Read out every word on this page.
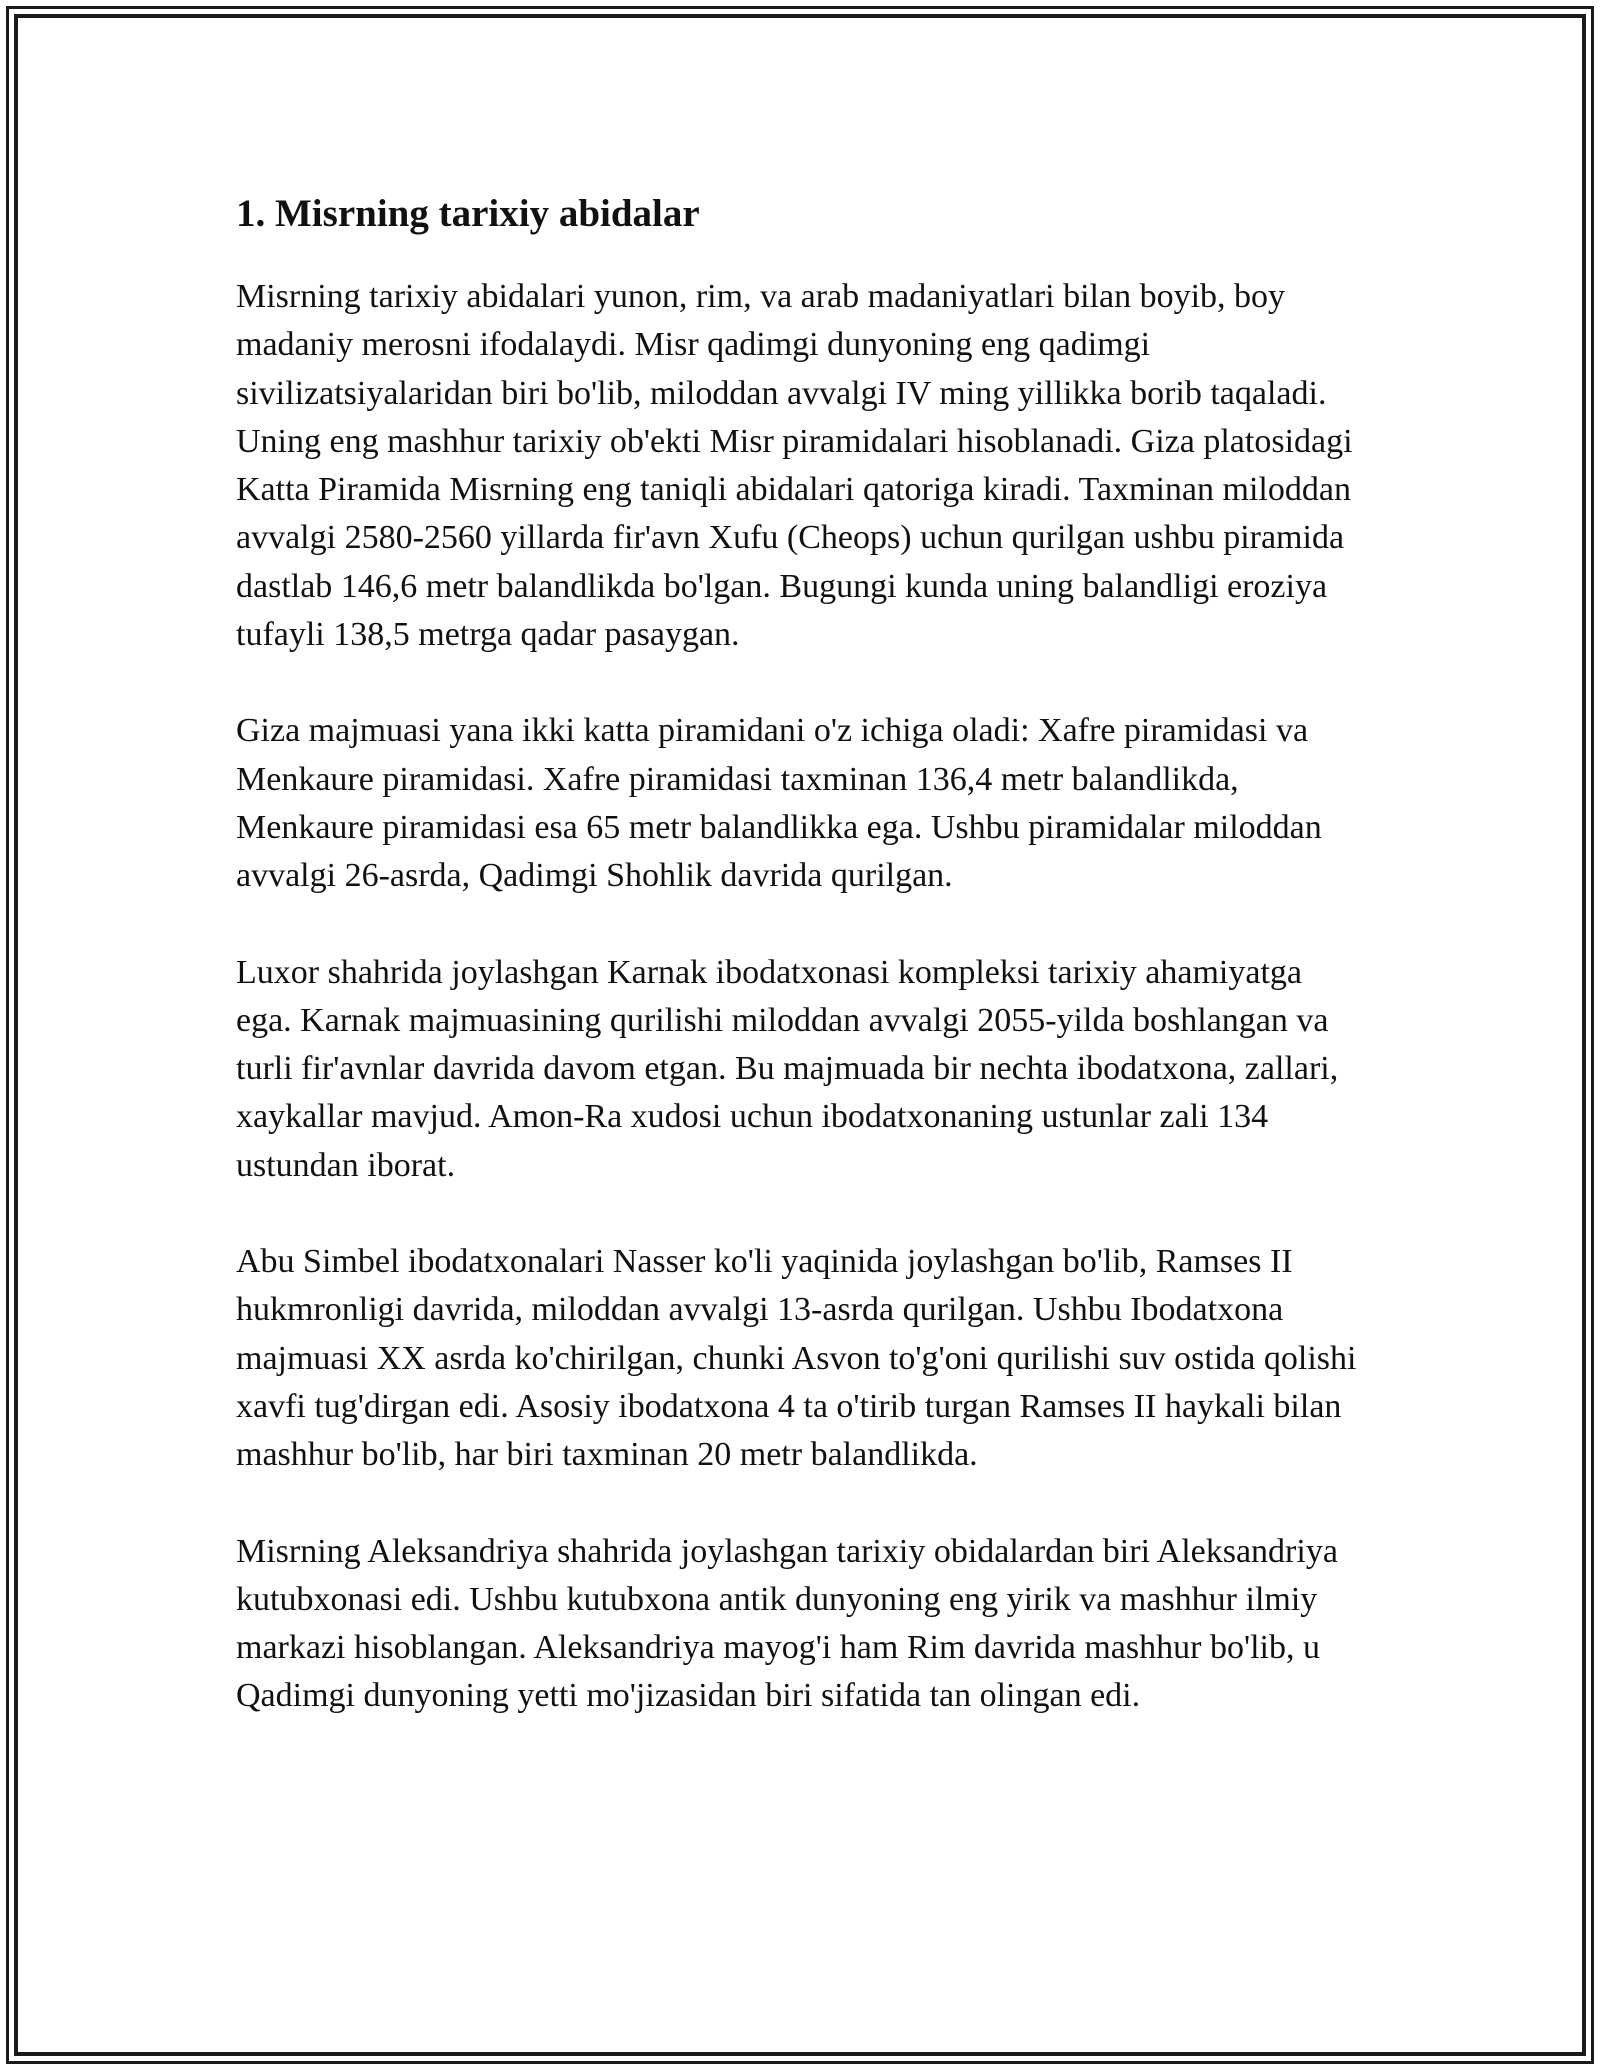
1. Misrning tarixiy abidalar

Misrning tarixiy abidalari yunon, rim, va arab madaniyatlari bilan boyib, boy madaniy merosni ifodalaydi. Misr qadimgi dunyoning eng qadimgi sivilizatsiyalaridan biri bo'lib, miloddan avvalgi IV ming yillikka borib taqaladi. Uning eng mashhur tarixiy ob'ekti Misr piramidalari hisoblanadi. Giza platosidagi Katta Piramida Misrning eng taniqli abidalari qatoriga kiradi. Taxminan miloddan avvalgi 2580-2560 yillarda fir'avn Xufu (Cheops) uchun qurilgan ushbu piramida dastlab 146,6 metr balandlikda bo'lgan. Bugungi kunda uning balandligi eroziya tufayli 138,5 metrga qadar pasaygan.

Giza majmuasi yana ikki katta piramidani o'z ichiga oladi: Xafre piramidasi va Menkaure piramidasi. Xafre piramidasi taxminan 136,4 metr balandlikda, Menkaure piramidasi esa 65 metr balandlikka ega. Ushbu piramidalar miloddan avvalgi 26-asrda, Qadimgi Shohlik davrida qurilgan.

Luxor shahrida joylashgan Karnak ibodatxonasi kompleksi tarixiy ahamiyatga ega. Karnak majmuasining qurilishi miloddan avvalgi 2055-yilda boshlangan va turli fir'avnlar davrida davom etgan. Bu majmuada bir nechta ibodatxona, zallari, xaykallar mavjud. Amon-Ra xudosi uchun ibodatxonaning ustunlar zali 134 ustundan iborat.

Abu Simbel ibodatxonalari Nasser ko'li yaqinida joylashgan bo'lib, Ramses II hukmronligi davrida, miloddan avvalgi 13-asrda qurilgan. Ushbu Ibodatxona majmuasi XX asrda ko'chirilgan, chunki Asvon to'g'oni qurilishi suv ostida qolishi xavfi tug'dirgan edi. Asosiy ibodatxona 4 ta o'tirib turgan Ramses II haykali bilan mashhur bo'lib, har biri taxminan 20 metr balandlikda.

Misrning Aleksandriya shahrida joylashgan tarixiy obidalardan biri Aleksandriya kutubxonasi edi. Ushbu kutubxona antik dunyoning eng yirik va mashhur ilmiy markazi hisoblangan. Aleksandriya mayog'i ham Rim davrida mashhur bo'lib, u Qadimgi dunyoning yetti mo'jizasidan biri sifatida tan olingan edi.
